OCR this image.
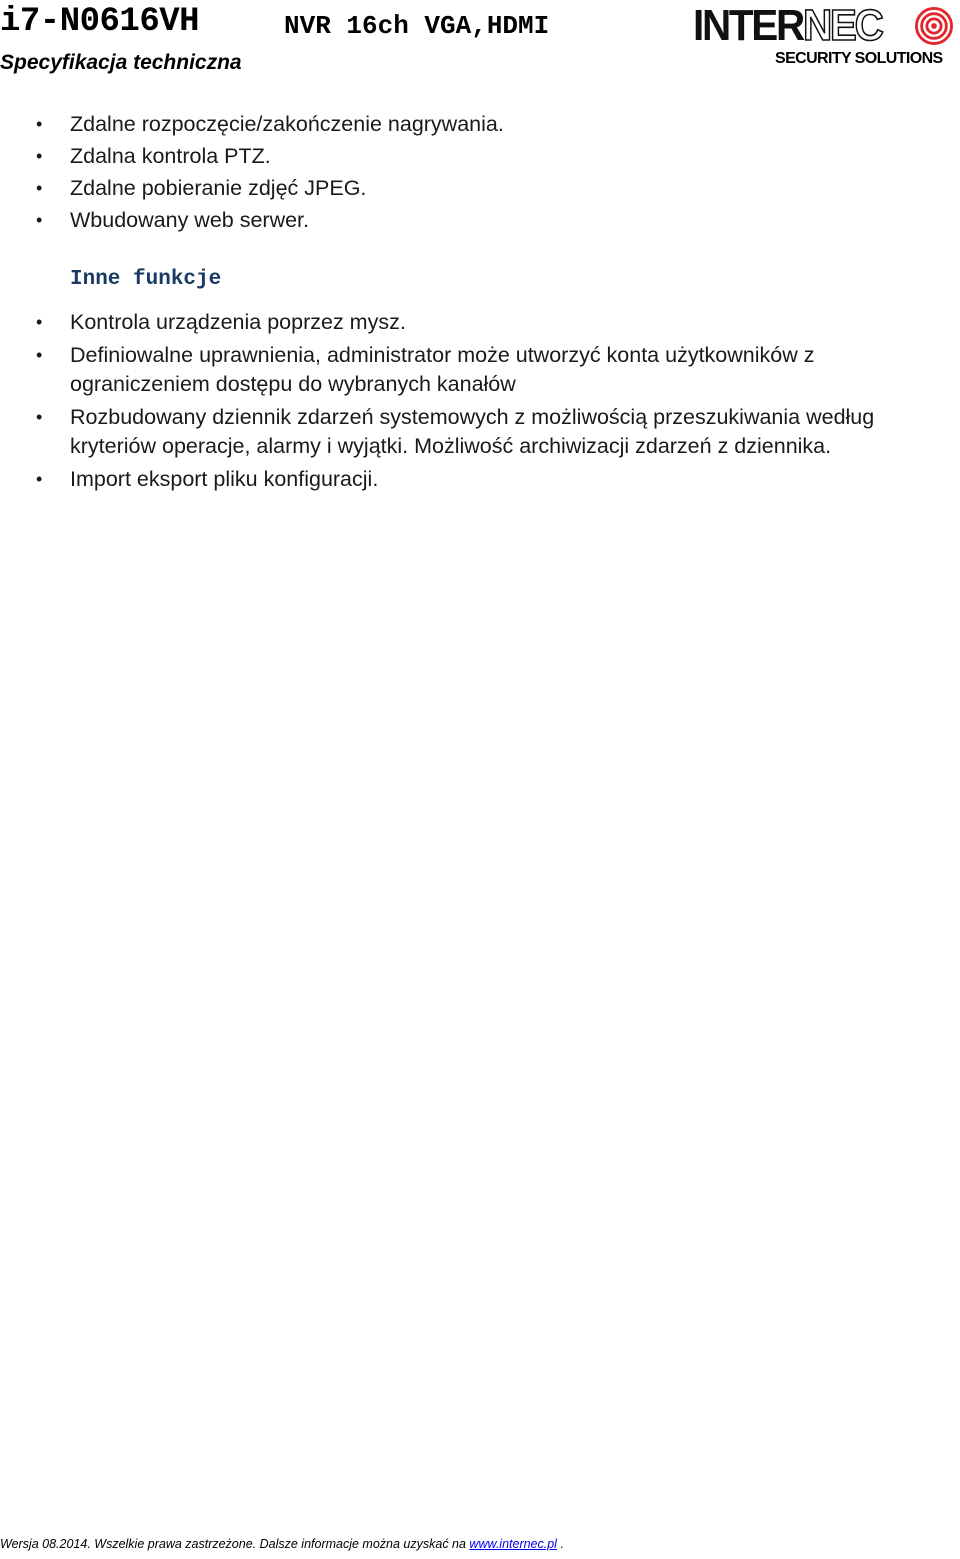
i7-N0616VH	NVR 16ch VGA,HDMI
Specyfikacja techniczna
INTERNEC
SECURITY SOLUTIONS
• Zdalne rozpoczęcie/zakończenie nagrywania.
• Zdalna kontrola PTZ.
• Zdalne pobieranie zdjęć JPEG.
• Wbudowany web serwer.
Inne funkcje
• Kontrola urządzenia poprzez mysz.
• Definiowalne uprawnienia, administrator może utworzyć konta użytkowników z ograniczeniem dostępu do wybranych kanałów
• Rozbudowany dziennik zdarzeń systemowych z możliwością przeszukiwania według kryteriów operacje, alarmy i wyjątki. Możliwość archiwizacji zdarzeń z dziennika.
• Import eksport pliku konfiguracji.
Wersja 08.2014. Wszelkie prawa zastrzeżone. Dalsze informacje można uzyskać na www.internec.pl .
